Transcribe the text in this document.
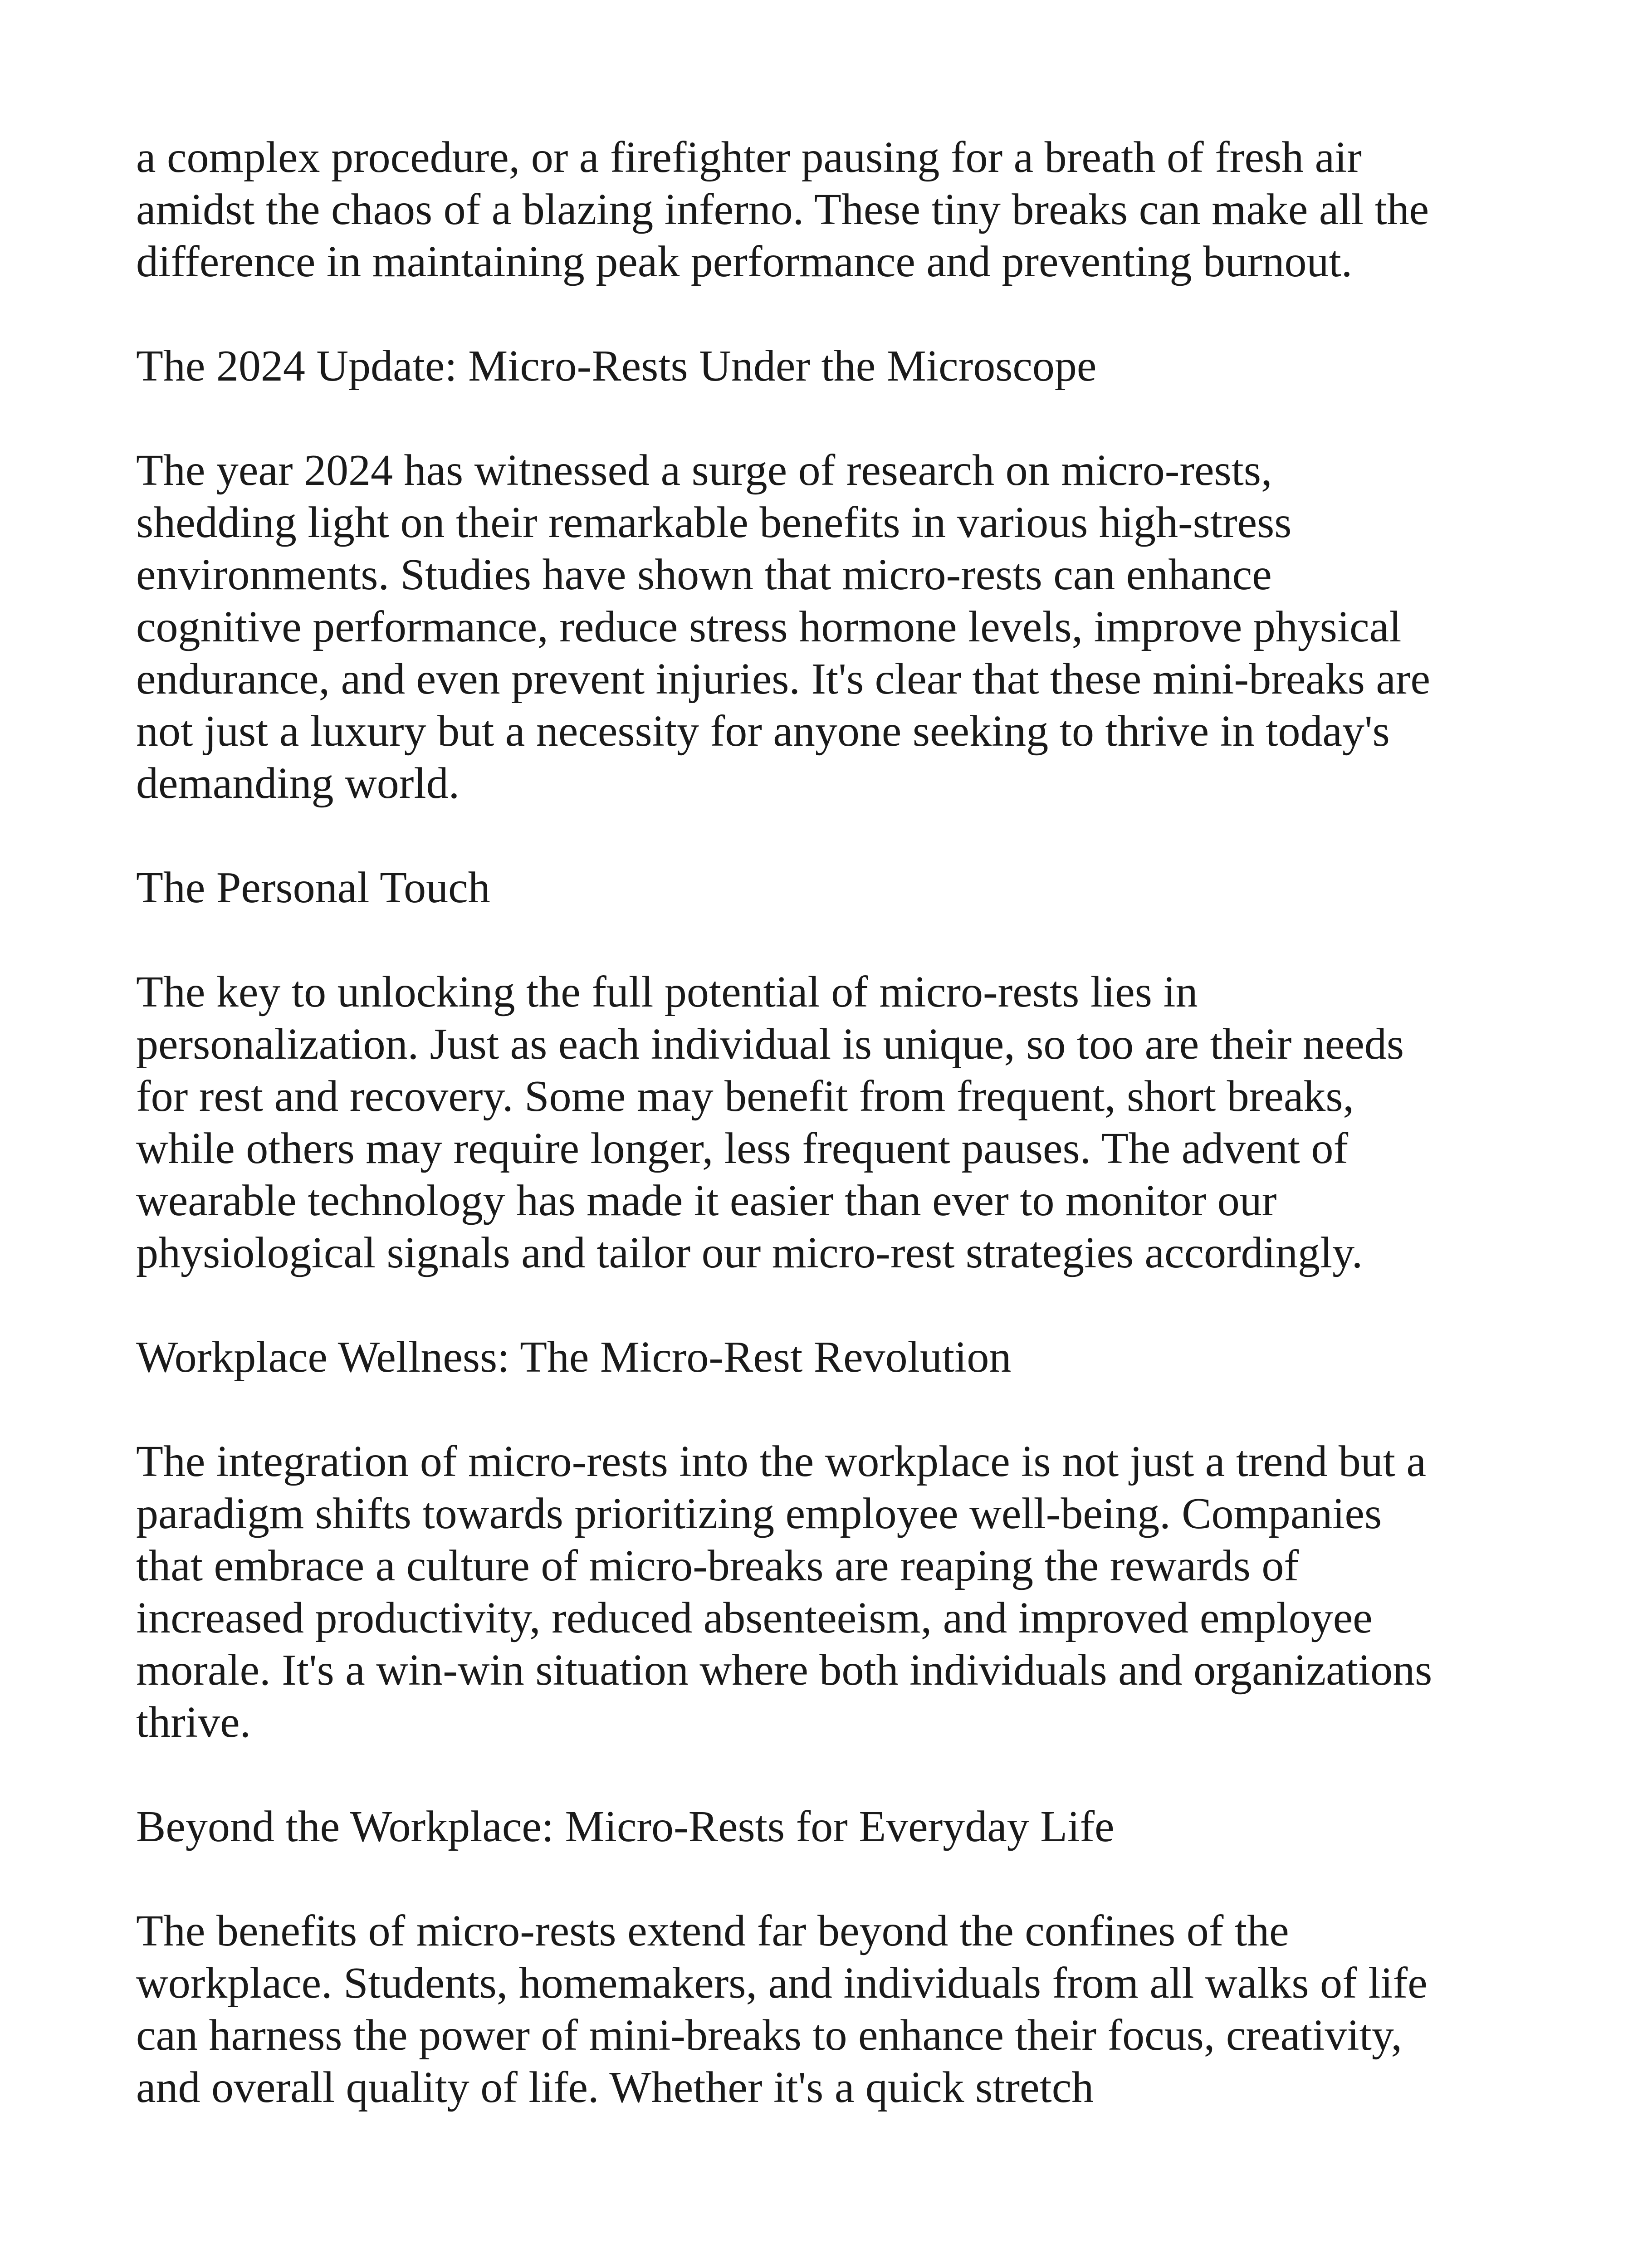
a complex procedure, or a firefighter pausing for a breath of fresh air amidst the chaos of a blazing inferno. These tiny breaks can make all the difference in maintaining peak performance and preventing burnout.

The 2024 Update: Micro-Rests Under the Microscope

The year 2024 has witnessed a surge of research on micro-rests, shedding light on their remarkable benefits in various high-stress environments. Studies have shown that micro-rests can enhance cognitive performance, reduce stress hormone levels, improve physical endurance, and even prevent injuries. It's clear that these mini-breaks are not just a luxury but a necessity for anyone seeking to thrive in today's demanding world.

The Personal Touch

The key to unlocking the full potential of micro-rests lies in personalization. Just as each individual is unique, so too are their needs for rest and recovery. Some may benefit from frequent, short breaks, while others may require longer, less frequent pauses. The advent of wearable technology has made it easier than ever to monitor our physiological signals and tailor our micro-rest strategies accordingly.

Workplace Wellness: The Micro-Rest Revolution

The integration of micro-rests into the workplace is not just a trend but a paradigm shifts towards prioritizing employee well-being. Companies that embrace a culture of micro-breaks are reaping the rewards of increased productivity, reduced absenteeism, and improved employee morale. It's a win-win situation where both individuals and organizations thrive.

Beyond the Workplace: Micro-Rests for Everyday Life

The benefits of micro-rests extend far beyond the confines of the workplace. Students, homemakers, and individuals from all walks of life can harness the power of mini-breaks to enhance their focus, creativity, and overall quality of life. Whether it's a quick stretch
